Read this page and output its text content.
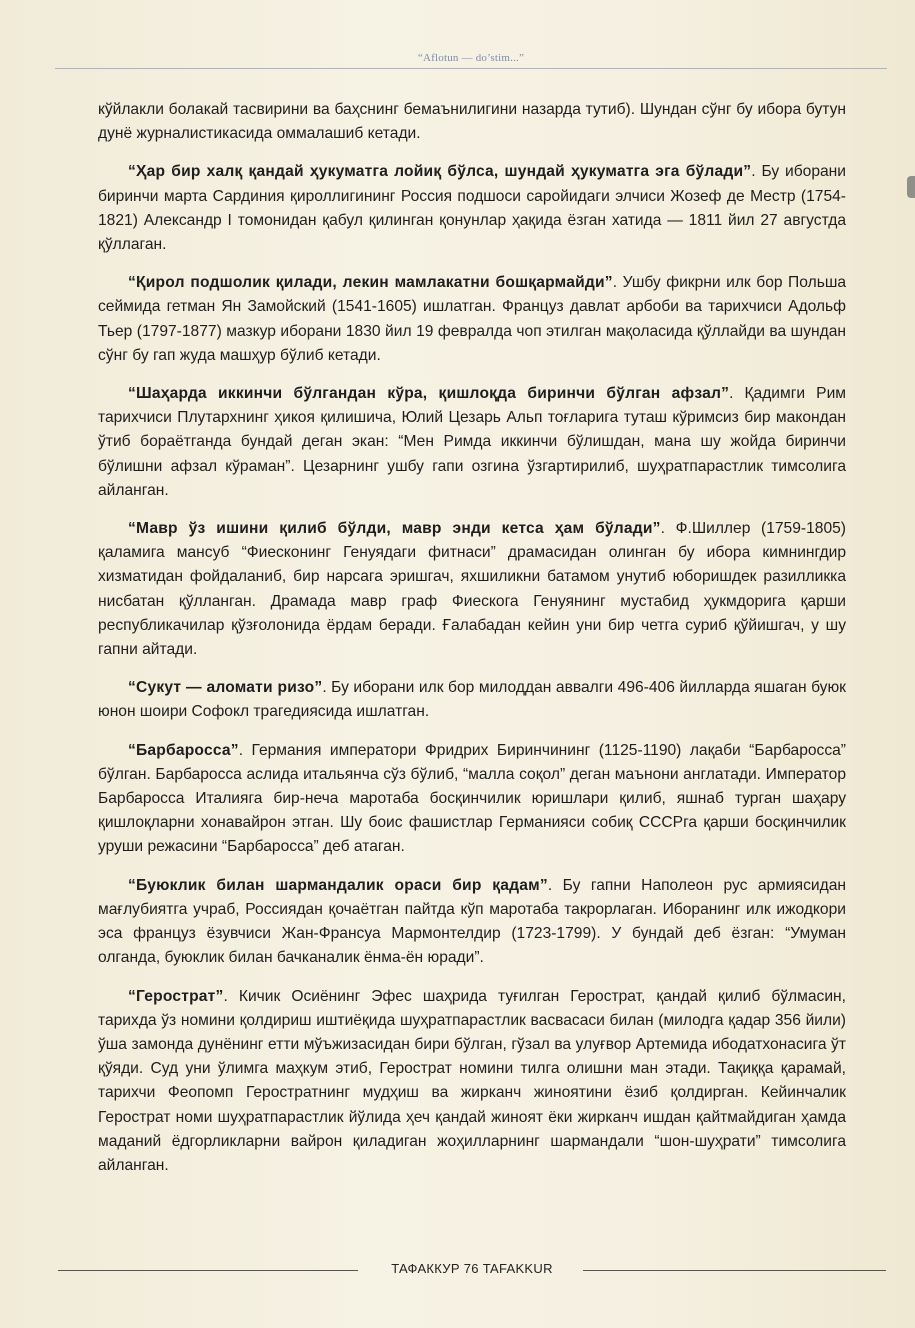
“Aflotun — do’stim...”

кўйлакли болакай тасвирини ва баҳснинг бемаънилигини назарда тутиб). Шундан сўнг бу ибора бутун дунё журналистикасида оммалашиб кетади.

“Ҳар бир халқ қандай ҳукуматга лойиқ бўлса, шундай ҳукуматга эга бўлади”. Бу иборани биринчи марта Сардиния қироллигининг Россия подшоси саройидаги элчиси Жозеф де Местр (1754-1821) Александр I томонидан қабул қилинган қонунлар ҳақида ёзган хатида — 1811 йил 27 августда қўллаган.

“Қирол подшолик қилади, лекин мамлакатни бошқармайди”. Ушбу фикрни илк бор Польша сеймида гетман Ян Замойский (1541-1605) ишлатган. Француз давлат арбоби ва тарихчиси Адольф Тьер (1797-1877) мазкур иборани 1830 йил 19 февралда чоп этилган мақоласида қўллайди ва шундан сўнг бу гап жуда машҳур бўлиб кетади.

“Шаҳарда иккинчи бўлгандан кўра, қишлоқда биринчи бўлган афзал”. Қадимги Рим тарихчиси Плутархнинг ҳикоя қилишича, Юлий Цезарь Альп тоғларига туташ кўримсиз бир макондан ўтиб бораётганда бундай деган экан: “Мен Римда иккинчи бўлишдан, мана шу жойда биринчи бўлишни афзал кўраман”. Цезарнинг ушбу гапи озгина ўзгартирилиб, шуҳратпарастлик тимсолига айланган.

“Мавр ўз ишини қилиб бўлди, мавр энди кетса ҳам бўлади”. Ф.Шиллер (1759-1805) қаламига мансуб “Фиесконинг Генуядаги фитнаси” драмасидан олинган бу ибора кимнингдир хизматидан фойдаланиб, бир нарсага эришгач, яхшиликни батамом унутиб юборишдек разилликка нисбатан қўлланган. Драмада мавр граф Фиескога Генуянинг мустабид ҳукмдорига қарши республикачилар қўзғолонида ёрдам беради. Ғалабадан кейин уни бир четга суриб қўйишгач, у шу гапни айтади.

“Сукут — аломати ризо”. Бу иборани илк бор милоддан аввалги 496-406 йилларда яшаган буюк юнон шоири Софокл трагедиясида ишлатган.

“Барбаросса”. Германия императори Фридрих Биринчининг (1125-1190) лақаби “Барбаросса” бўлган. Барбаросса аслида итальянча сўз бўлиб, “малла соқол” деган маънони англатади. Император Барбаросса Италияга бир-неча маротаба босқинчилик юришлари қилиб, яшнаб турган шаҳару қишлоқларни хонавайрон этган. Шу боис фашистлар Германияси собиқ СССРга қарши босқинчилик уруши режасини “Барбаросса” деб атаган.

“Буюклик билан шармандалик ораси бир қадам”. Бу гапни Наполеон рус армиясидан мағлубиятга учраб, Россиядан қочаётган пайтда кўп маротаба такрорлаган. Иборанинг илк ижодкори эса француз ёзувчиси Жан-Франсуа Мармонтелдир (1723-1799). У бундай деб ёзган: “Умуман олганда, буюклик билан бачканалик ёнма-ён юради”.

“Герострат”. Кичик Осиёнинг Эфес шаҳрида туғилган Герострат, қандай қилиб бўлмасин, тарихда ўз номини қолдириш иштиёқида шуҳратпарастлик васвасаси билан (милодга қадар 356 йили) ўша замонда дунёнинг етти мўъжизасидан бири бўлган, гўзал ва улуғвор Артемида ибодатхонасига ўт қўяди. Суд уни ўлимга маҳкум этиб, Герострат номини тилга олишни ман этади. Тақиққа қарамай, тарихчи Феопомп Геростратнинг мудҳиш ва жирканч жиноятини ёзиб қолдирган. Кейинчалик Герострат номи шуҳратпарастлик йўлида ҳеч қандай жиноят ёки жирканч ишдан қайтмайдиган ҳамда маданий ёдгорликларни вайрон қиладиган жоҳилларнинг шармандали “шон-шуҳрати” тимсолига айланган.

ТАФАККУР 76 TAFAKKUR
